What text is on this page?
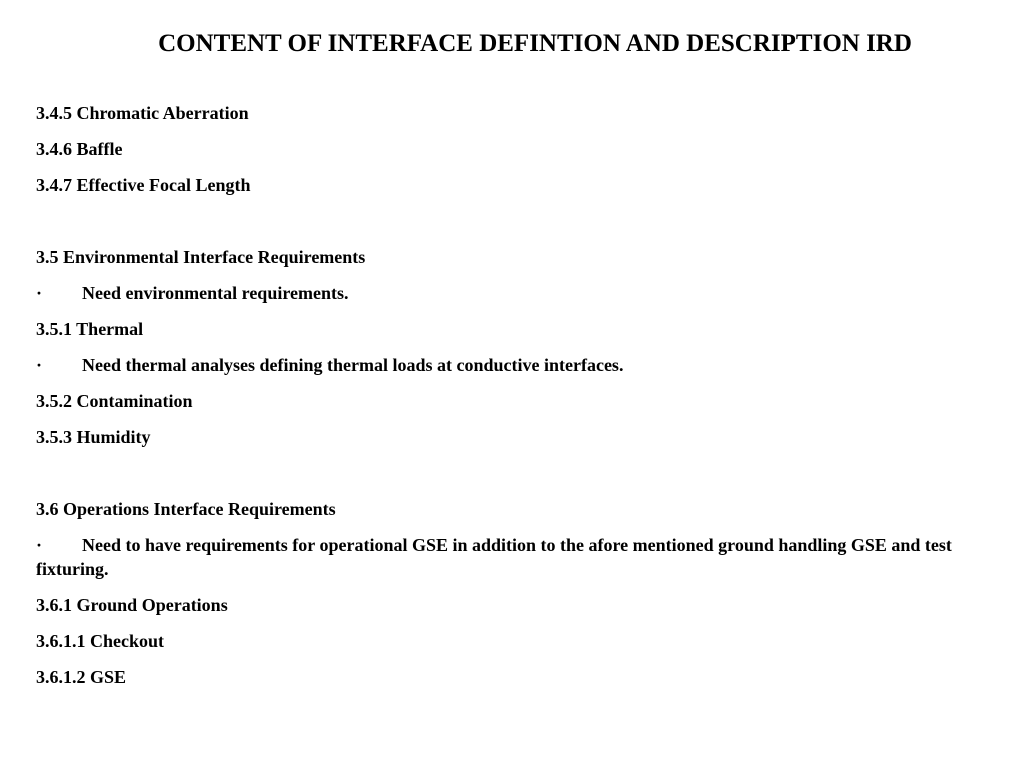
CONTENT OF INTERFACE DEFINTION AND DESCRIPTION IRD
3.4.5 Chromatic Aberration
3.4.6 Baffle
3.4.7 Effective Focal Length
3.5 Environmental Interface Requirements
·	Need environmental requirements.
3.5.1 Thermal
·	Need thermal analyses defining thermal loads at conductive interfaces.
3.5.2 Contamination
3.5.3 Humidity
3.6 Operations Interface Requirements
· Need to have requirements for operational GSE in addition to the afore mentioned ground handling GSE and test fixturing.
3.6.1 Ground Operations
3.6.1.1 Checkout
3.6.1.2 GSE
